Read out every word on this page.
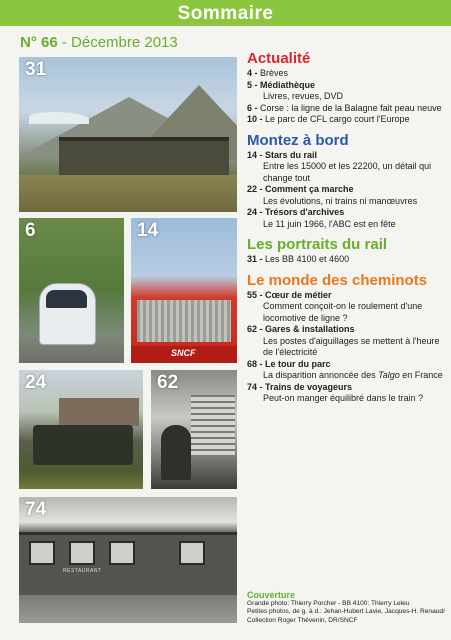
Sommaire
N° 66 - Décembre 2013
31
6
SNCF
14
24	62
RESTAURANT
74

Actualité

4 - Brèves

5 - Médiathèque
Livres, revues, DVD

6 - Corse : la ligne de la Balagne fait peau neuve

10 - Le parc de CFL cargo court l'Europe

Montez à bord

14 - Stars du rail
Entre les 15000 et les 22200, un détail qui change tout

22 - Comment ça marche
Les évolutions, ni trains ni manœuvres

24 - Trésors d'archives
Le 11 juin 1966, l'ABC est en fête

Les portraits du rail

31 - Les BB 4100 et 4600

Le monde des cheminots

55 - Cœur de métier
Comment conçoit-on le roulement d'une locomotive de ligne ?

62 - Gares & installations
Les postes d'aiguillages se mettent à l'heure de l'électricité

68 - Le tour du parc
La disparition annoncée des Talgo en France

74 - Trains de voyageurs
Peut-on manger équilibré dans le train ?

Couverture
Grande photo: Thierry Porcher - BB 4100: Thierry Leleu
Petites photos, de g. à d.: Jehan-Hubert Lavie, Jacques-H. Renaud/
Collection Roger Thévenin, DR/SNCF
